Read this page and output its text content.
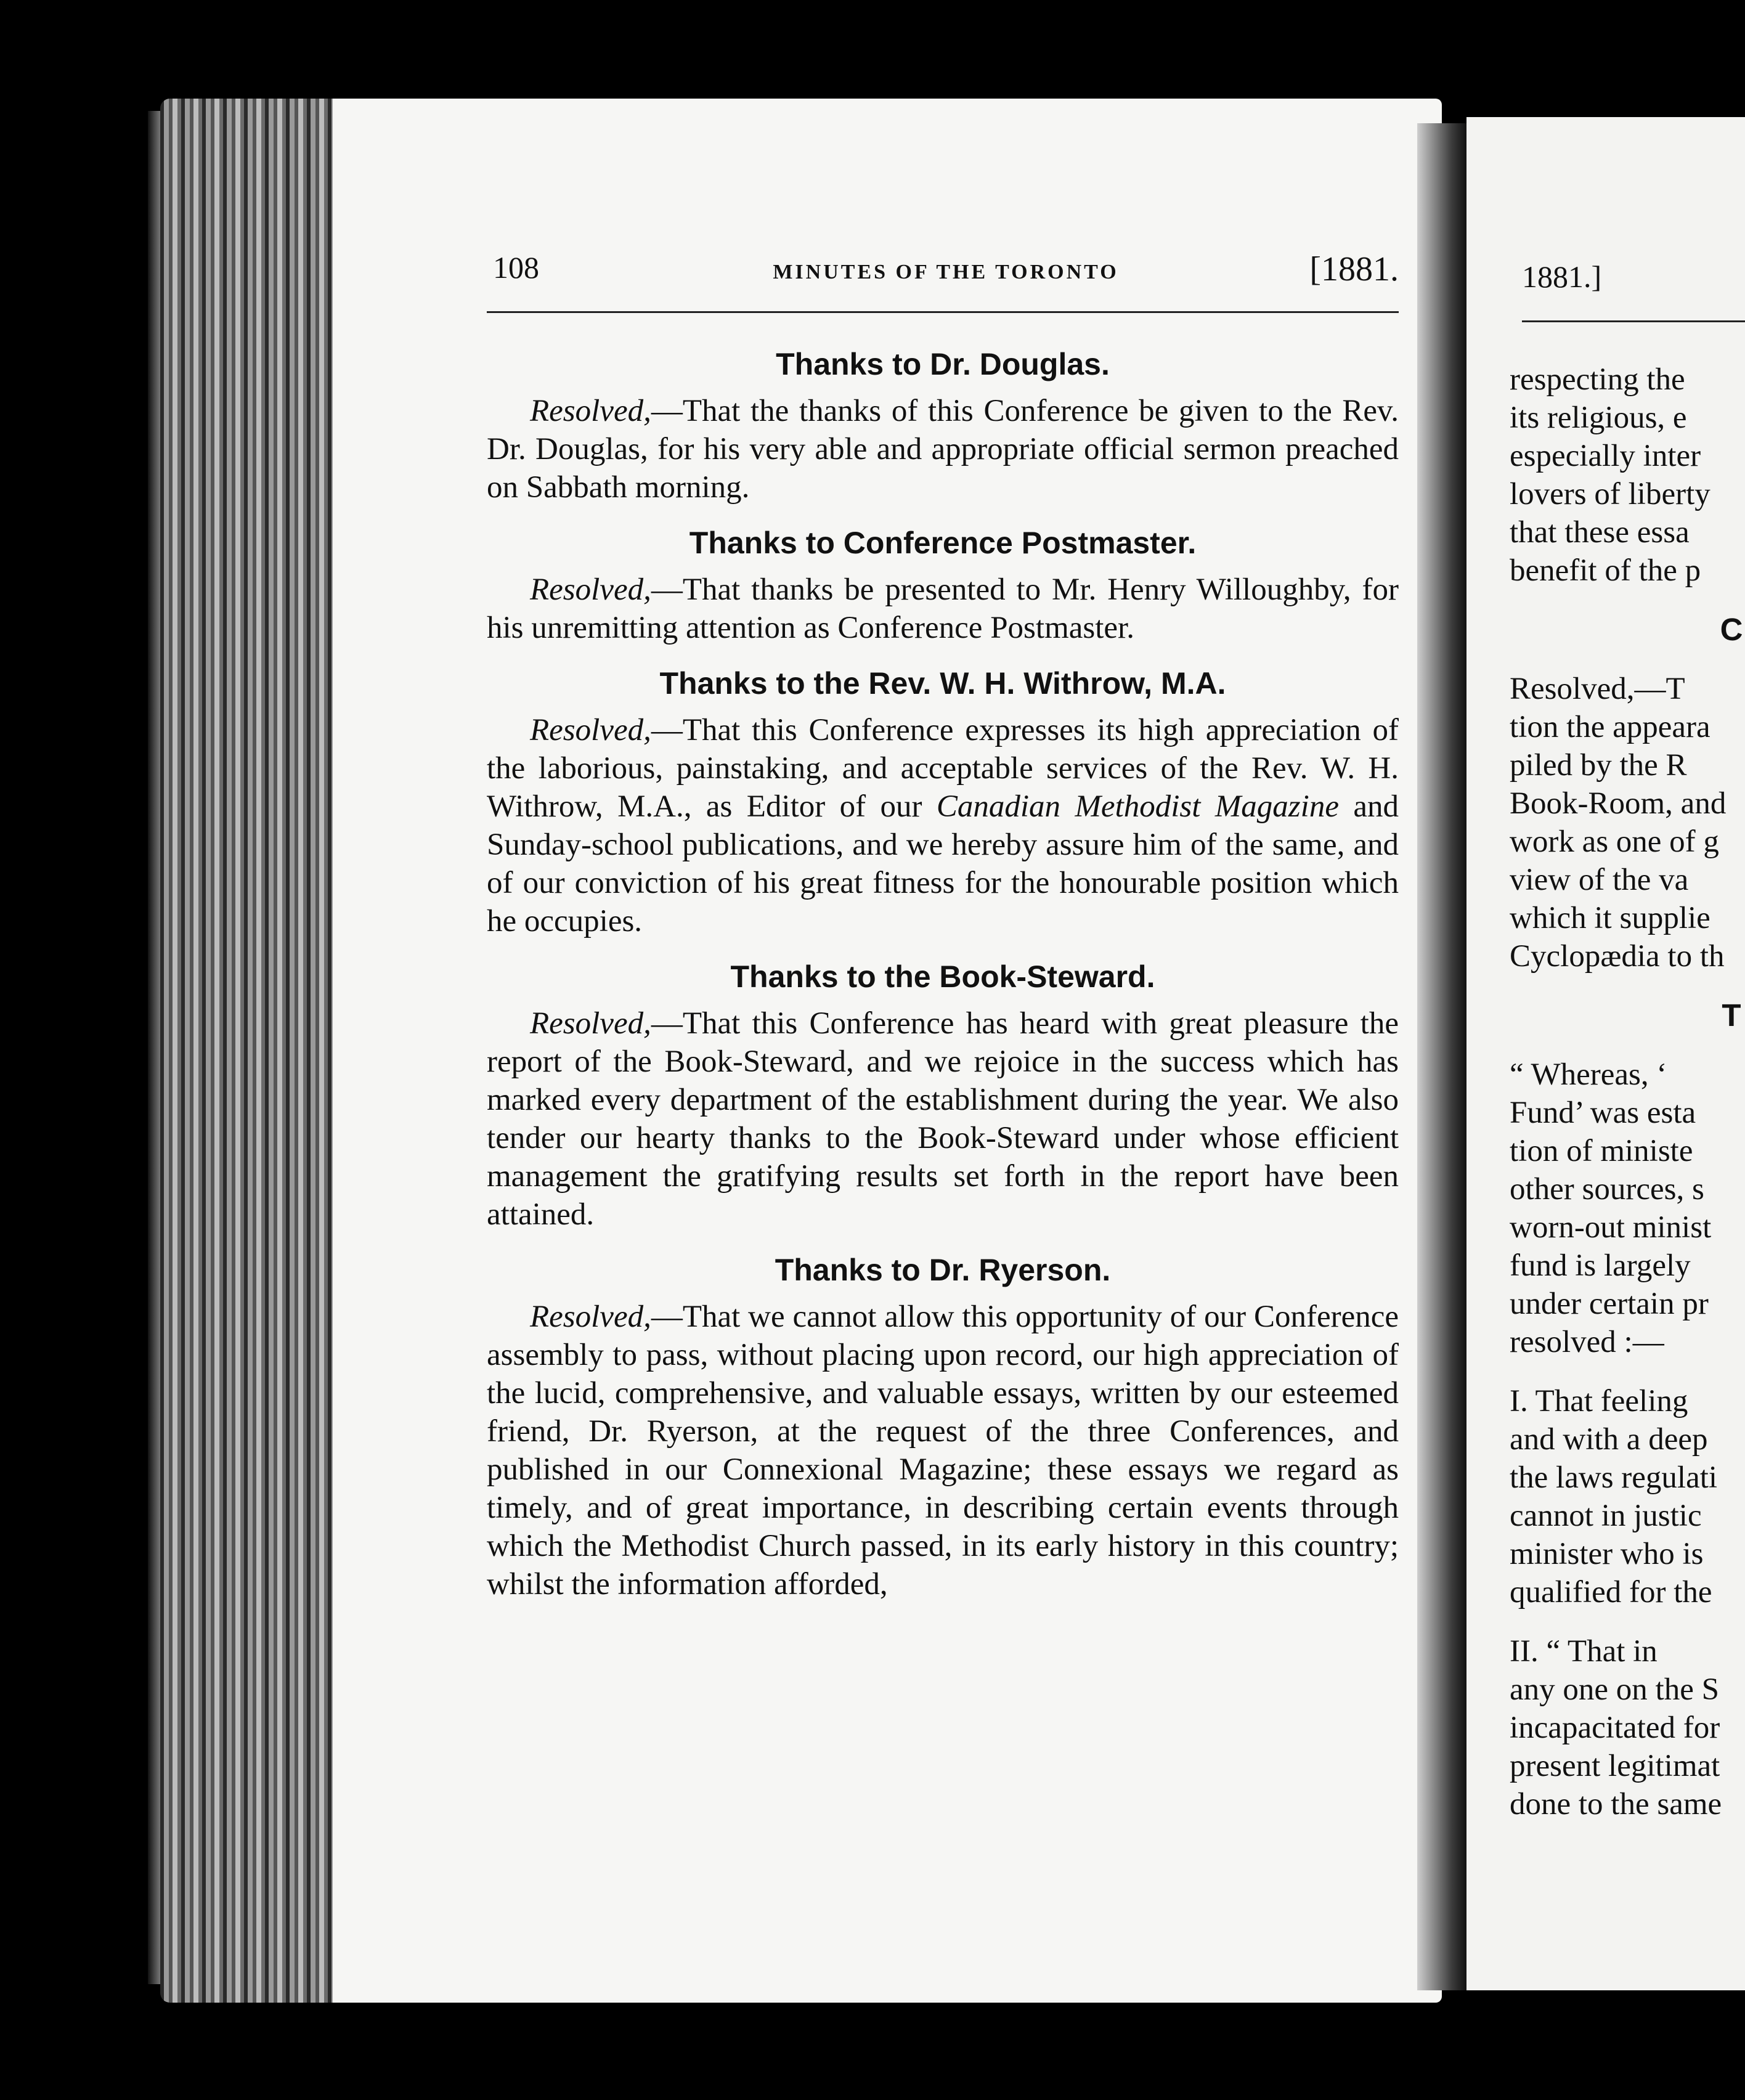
108	MINUTES OF THE TORONTO	[1881.
Thanks to Dr. Douglas.

Resolved,—That the thanks of this Conference be given to the Rev. Dr. Douglas, for his very able and appropriate official sermon preached on Sabbath morning.

Thanks to Conference Postmaster.

Resolved,—That thanks be presented to Mr. Henry Willoughby, for his unremitting attention as Conference Postmaster.

Thanks to the Rev. W. H. Withrow, M.A.

Resolved,—That this Conference expresses its high appreciation of the laborious, painstaking, and acceptable services of the Rev. W. H. Withrow, M.A., as Editor of our Canadian Methodist Magazine and Sunday-school publications, and we hereby assure him of the same, and of our conviction of his great fitness for the honourable position which he occupies.

Thanks to the Book-Steward.

Resolved,—That this Conference has heard with great pleasure the report of the Book-Steward, and we rejoice in the success which has marked every department of the establishment during the year. We also tender our hearty thanks to the Book-Steward under whose efficient management the gratifying results set forth in the report have been attained.

Thanks to Dr. Ryerson.

Resolved,—That we cannot allow this opportunity of our Conference assembly to pass, without placing upon record, our high appreciation of the lucid, comprehensive, and valuable essays, written by our esteemed friend, Dr. Ryerson, at the request of the three Conferences, and published in our Connexional Magazine; these essays we regard as timely, and of great importance, in describing certain events through which the Methodist Church passed, in its early history in this country; whilst the information afforded,

1881.]
respecting the
its religious, e
especially inter
lovers of liberty
that these essa
benefit of the p
C
Resolved,—T
tion the appeara
piled by the R
Book-Room, and
work as one of g
view of the va
which it supplie
Cyclopædia to th
T
“ Whereas, ‘
Fund’ was esta
tion of ministe
other sources, s
worn-out minist
fund is largely
under certain pr
resolved :—
I. That feeling
and with a deep
the laws regulati
cannot in justic
minister who is
qualified for the
II. “ That in
any one on the S
incapacitated for
present legitimat
done to the same
